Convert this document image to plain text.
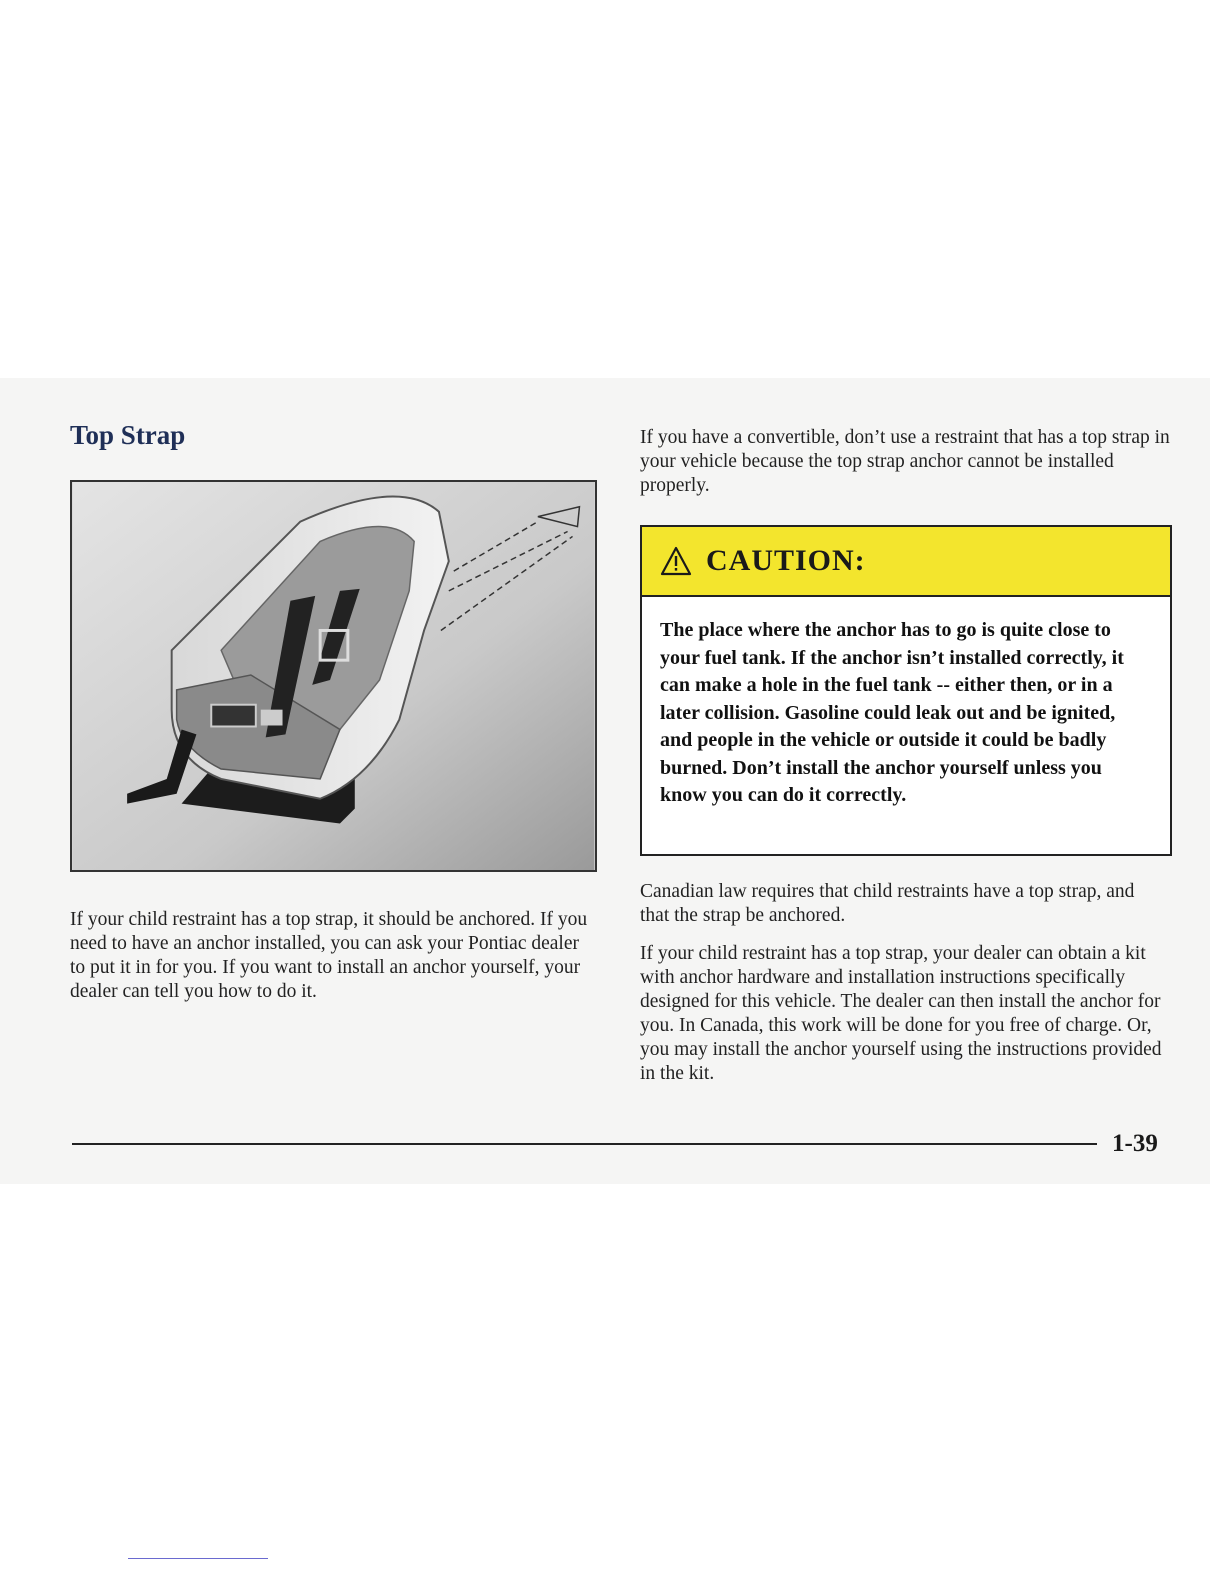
Top Strap

If your child restraint has a top strap, it should be anchored. If you need to have an anchor installed, you can ask your Pontiac dealer to put it in for you. If you want to install an anchor yourself, your dealer can tell you how to do it.

If you have a convertible, don’t use a restraint that has a top strap in your vehicle because the top strap anchor cannot be installed properly.

CAUTION:

The place where the anchor has to go is quite close to your fuel tank. If the anchor isn’t installed correctly, it can make a hole in the fuel tank -- either then, or in a later collision. Gasoline could leak out and be ignited, and people in the vehicle or outside it could be badly burned. Don’t install the anchor yourself unless you know you can do it correctly.

Canadian law requires that child restraints have a top strap, and that the strap be anchored.

If your child restraint has a top strap, your dealer can obtain a kit with anchor hardware and installation instructions specifically designed for this vehicle. The dealer can then install the anchor for you. In Canada, this work will be done for you free of charge. Or, you may install the anchor yourself using the instructions provided in the kit.

1-39
